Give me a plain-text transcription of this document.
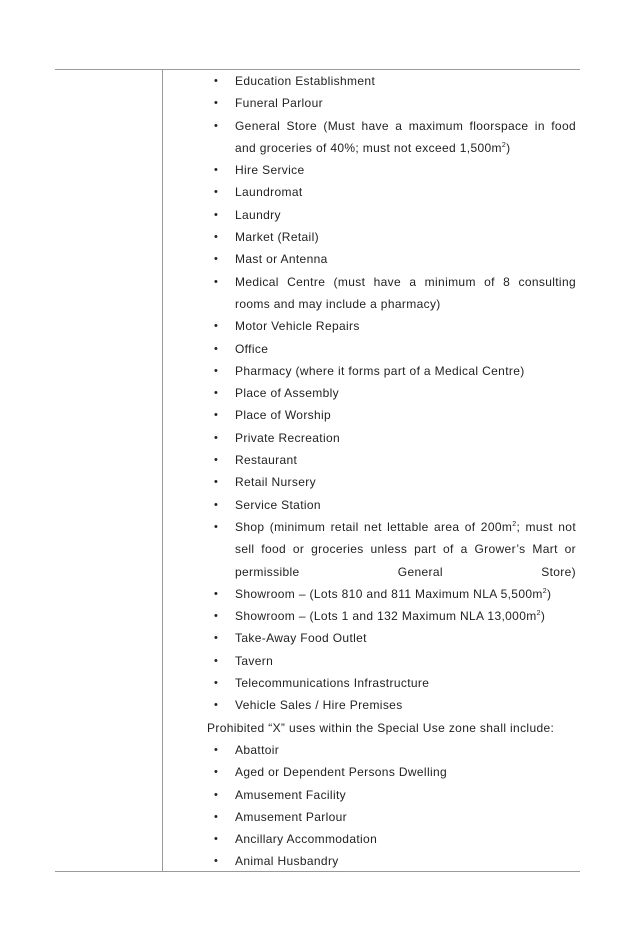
• Education Establishment
• Funeral Parlour
• General Store (Must have a maximum floorspace in food and groceries of 40%; must not exceed $1,500m^2$)
• Hire Service
• Laundromat
• Laundry
• Market (Retail)
• Mast or Antenna
• Medical Centre (must have a minimum of 8 consulting rooms and may include a pharmacy)
• Motor Vehicle Repairs
• Office
• Pharmacy (where it forms part of a Medical Centre)
• Place of Assembly
• Place of Worship
• Private Recreation
• Restaurant
• Retail Nursery
• Service Station
• Shop (minimum retail net lettable area of $200m^2$; must not sell food or groceries unless part of a Grower’s Mart or permissible General Store)
• Showroom – (Lots 810 and 811 Maximum NLA $5,500m^2$)
• Showroom – (Lots 1 and 132 Maximum NLA $13,000m^2$)
• Take-Away Food Outlet
• Tavern
• Telecommunications Infrastructure
• Vehicle Sales / Hire Premises
Prohibited “X” uses within the Special Use zone shall include:
• Abattoir
• Aged or Dependent Persons Dwelling
• Amusement Facility
• Amusement Parlour
• Ancillary Accommodation
• Animal Husbandry
